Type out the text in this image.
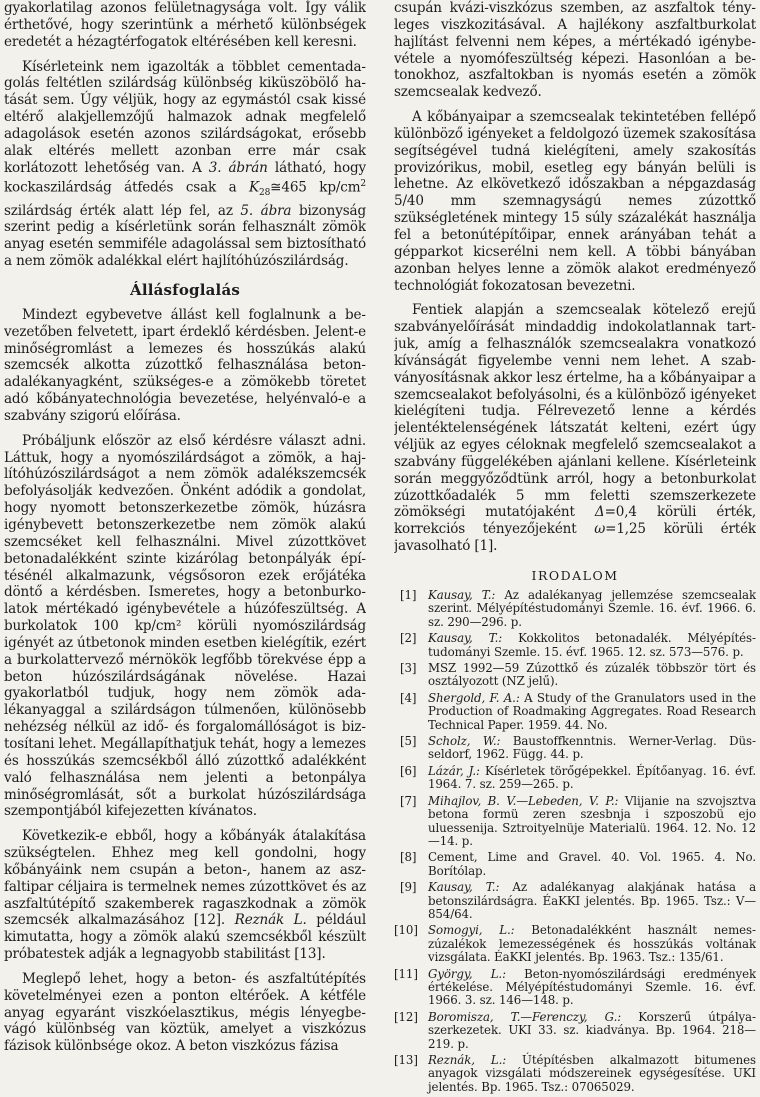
gyakorlatilag azonos felületnagysága volt. Így válik érthetővé, hogy szerintünk a mérhető különbségek eredetét a hézagtérfogatok eltérésében kell keresni.

Kísérleteink nem igazolták a többlet cementadagolás feltétlen szilárdság különbség kiküszöbölő hatását sem. Úgy véljük, hogy az egymástól csak kissé eltérő alakjellemzőjű halmazok adnak megfelelő adagolások esetén azonos szilárdságokat, erősebb alak eltérés mellett azonban erre már csak korlátozott lehetőség van. A 3. ábrán látható, hogy kockaszilárdság átfedés csak a $K_{28}≅465$ $kp/cm^2$ szilárdság érték alatt lép fel, az 5. ábra bizonyság szerint pedig a kísérletünk során felhasznált zömök anyag esetén semmiféle adagolással sem biztosítható a nem zömök adalékkal elért hajlítóhúzószilárdság.

Állásfoglalás

Mindezt egybevetve állást kell foglalnunk a bevezetőben felvetett, ipart érdeklő kérdésben. Jelent-e minőségromlást a lemezes és hosszúkás alakú szemcsék alkotta zúzottkő felhasználása betonadalékanyagként, szükséges-e a zömökebb töretet adó kőbányatechnológia bevezetése, helyénvaló-e a szabvány szigorú előírása.

Próbáljunk először az első kérdésre választ adni. Láttuk, hogy a nyomószilárdságot a zömök, a hajlítóhúzószilárdságot a nem zömök adalékszemcsék befolyásolják kedvezően. Önként adódik a gondolat, hogy nyomott betonszerkezetbe zömök, húzásra igénybevett betonszerkezetbe nem zömök alakú szemcséket kell felhasználni. Mivel zúzottkövet betonadalékként szinte kizárólag betonpályák építésénél alkalmazunk, végsősoron ezek erőjátéka döntő a kérdésben. Ismeretes, hogy a betonburkolatok mértékadó igénybevétele a húzófeszültség. A burkolatok 100 kp/cm² körüli nyomószilárdság igényét az útbetonok minden esetben kielégítik, ezért a burkolattervező mérnökök legfőbb törekvése épp a beton húzószilárdságának növelése. Hazai gyakorlatból tudjuk, hogy nem zömök adalékanyaggal a szilárdságon túlmenően, különösebb nehézség nélkül az idő- és forgalomállóságot is biztosítani lehet. Megállapíthatjuk tehát, hogy a lemezes és hosszúkás szemcsékből álló zúzottkő adalékként való felhasználása nem jelenti a betonpálya minőségromlását, sőt a burkolat húzószilárdsága szempontjából kifejezetten kívánatos.

Következik-e ebből, hogy a kőbányák átalakítása szükségtelen. Ehhez meg kell gondolni, hogy kőbányáink nem csupán a beton-, hanem az aszfaltipar céljaira is termelnek nemes zúzottkövet és az aszfaltútépítő szakemberek ragaszkodnak a zömök szemcsék alkalmazásához [12]. Reznák L. például kimutatta, hogy a zömök alakú szemcsékből készült próbatestek adják a legnagyobb stabilitást [13].

Meglepő lehet, hogy a beton- és aszfaltútépítés követelményei ezen a ponton eltérőek. A kétféle anyag egyaránt viszkóelasztikus, mégis lényegbevágó különbség van köztük, amelyet a viszkózus fázisok különbsége okoz. A beton viszkózus fázisa

csupán kvázi-viszkózus szemben, az aszfaltok tényleges viszkozitásával. A hajlékony aszfaltburkolat hajlítást felvenni nem képes, a mértékadó igénybevétele a nyomófeszültség képezi. Hasonlóan a betonokhoz, aszfaltokban is nyomás esetén a zömök szemcsealak kedvező.

A kőbányaipar a szemcsealak tekintetében fellépő különböző igényeket a feldolgozó üzemek szakosítása segítségével tudná kielégíteni, amely szakosítás provizórikus, mobil, esetleg egy bányán belüli is lehetne. Az elkövetkező időszakban a népgazdaság 5/40 mm szemnagyságú nemes zúzottkő szükségletének mintegy 15 súly százalékát használja fel a betonútépítőipar, ennek arányában tehát a gépparkot kicserélni nem kell. A többi bányában azonban helyes lenne a zömök alakot eredményező technológiát fokozatosan bevezetni.

Fentiek alapján a szemcsealak kötelező erejű szabványelőírását mindaddig indokolatlannak tartjuk, amíg a felhasználók szemcsealakra vonatkozó kívánságát figyelembe venni nem lehet. A szabványosításnak akkor lesz értelme, ha a kőbányaipar a szemcsealakot befolyásolni, és a különböző igényeket kielégíteni tudja. Félrevezető lenne a kérdés jelentéktelenségének látszatát kelteni, ezért úgy véljük az egyes céloknak megfelelő szemcsealakot a szabvány függelékében ajánlani kellene. Kísérleteink során meggyőződtünk arról, hogy a betonburkolat zúzottkőadalék 5 mm feletti szemszerkezete zömökségi mutatójaként Δ=0,4 körüli érték, korrekciós tényezőjeként ω=1,25 körüli érték javasolható [1].

IRODALOM
[1] Kausay, T.: Az adalékanyag jellemzése szemcsealak szerint. Mélyépítéstudományi Szemle. 16. évf. 1966. 6. sz. 290—296. p.
[2] Kausay, T.: Kokkolitos betonadalék. Mélyépítéstudományi Szemle. 15. évf. 1965. 12. sz. 573—576. p.
[3] MSZ 1992—59 Zúzottkő és zúzalék többször tört és osztályozott (NZ jelű).
[4] Shergold, F. A.: A Study of the Granulators used in the Production of Roadmaking Aggregates. Road Research Technical Paper. 1959. 44. No.
[5] Scholz, W.: Baustoffkenntnis. Werner-Verlag. Düsseldorf, 1962. Függ. 44. p.
[6] Lázár, J.: Kísérletek törőgépekkel. Építőanyag. 16. évf. 1964. 7. sz. 259—265. p.
[7] Mihajlov, B. V.—Lebeden, V. P.: Vlijanie na szvojsztva betona formü zeren szesbnja i szposzobü ejo uluessenija. Sztroityelnüje Materialü. 1964. 12. No. 12—14. p.
[8] Cement, Lime and Gravel. 40. Vol. 1965. 4. No. Borítólap.
[9] Kausay, T.: Az adalékanyag alakjának hatása a betonszilárdságra. ÉaKKI jelentés. Bp. 1965. Tsz.: V—854/64.
[10] Somogyi, L.: Betonadalékként használt nemeszúzalékok lemezességének és hosszúkás voltának vizsgálata. ÉaKKI jelentés. Bp. 1963. Tsz.: 135/61.
[11] György, L.: Beton-nyomószilárdsági eredmények értékelése. Mélyépítéstudományi Szemle. 16. évf. 1966. 3. sz. 146—148. p.
[12] Boromisza, T.—Ferenczy, G.: Korszerű útpályaszerkezetek. UKI 33. sz. kiadványa. Bp. 1964. 218—219. p.
[13] Reznák, L.: Útépítésben alkalmazott bitumenes anyagok vizsgálati módszereinek egységesítése. UKI jelentés. Bp. 1965. Tsz.: 07065029.
